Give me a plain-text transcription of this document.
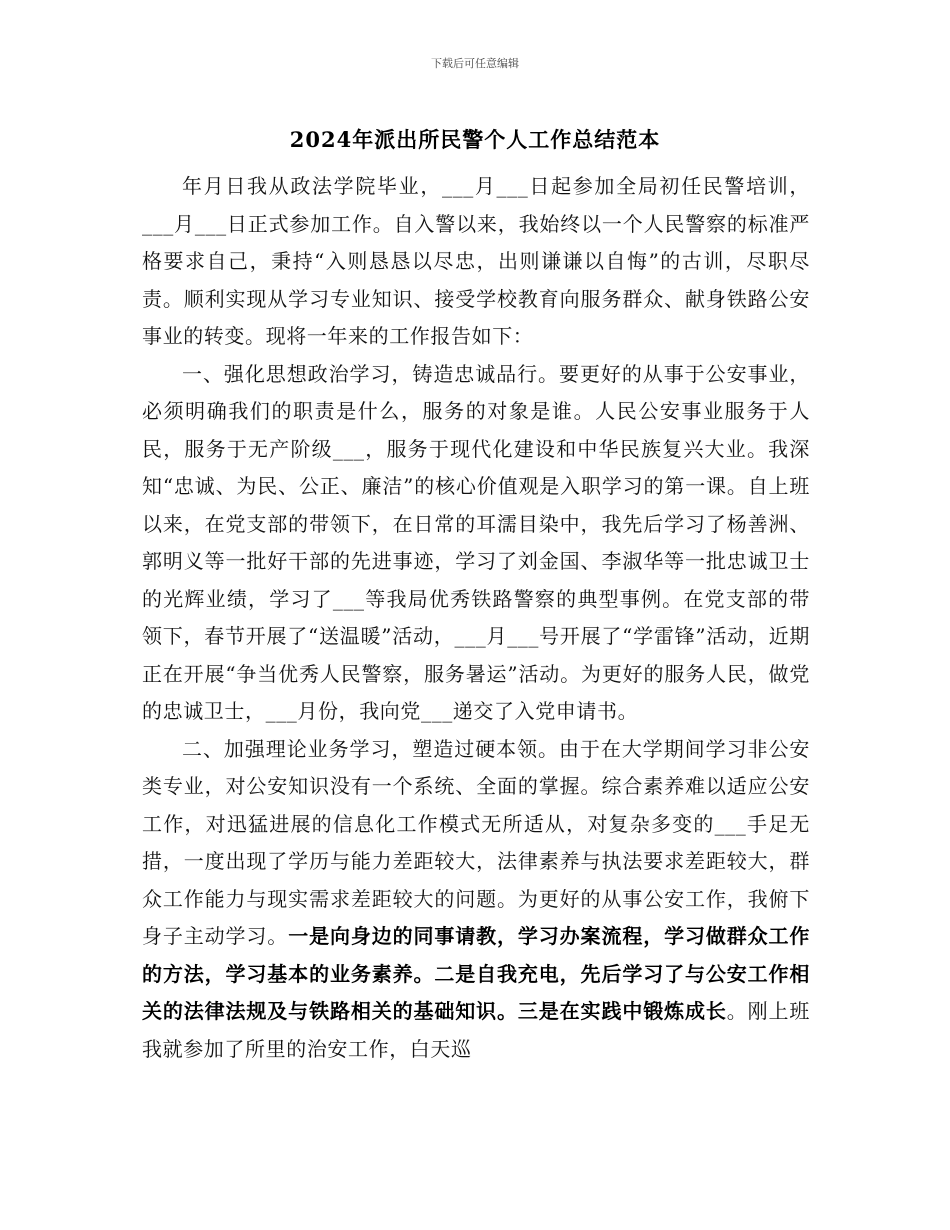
下载后可任意编辑
2024年派出所民警个人工作总结范本

年月日我从政法学院毕业，___月___日起参加全局初任民警培训，___月___日正式参加工作。自入警以来，我始终以一个人民警察的标准严格要求自己，秉持“入则恳恳以尽忠，出则谦谦以自悔”的古训，尽职尽责。顺利实现从学习专业知识、接受学校教育向服务群众、献身铁路公安事业的转变。现将一年来的工作报告如下：

一、强化思想政治学习，铸造忠诚品行。要更好的从事于公安事业，必须明确我们的职责是什么，服务的对象是谁。人民公安事业服务于人民，服务于无产阶级___，服务于现代化建设和中华民族复兴大业。我深知“忠诚、为民、公正、廉洁”的核心价值观是入职学习的第一课。自上班以来，在党支部的带领下，在日常的耳濡目染中，我先后学习了杨善洲、郭明义等一批好干部的先进事迹，学习了刘金国、李淑华等一批忠诚卫士的光辉业绩，学习了___等我局优秀铁路警察的典型事例。在党支部的带领下，春节开展了“送温暖”活动，___月___号开展了“学雷锋”活动，近期正在开展“争当优秀人民警察，服务暑运”活动。为更好的服务人民，做党的忠诚卫士，___月份，我向党___递交了入党申请书。

二、加强理论业务学习，塑造过硬本领。由于在大学期间学习非公安类专业，对公安知识没有一个系统、全面的掌握。综合素养难以适应公安工作，对迅猛进展的信息化工作模式无所适从，对复杂多变的___手足无措，一度出现了学历与能力差距较大，法律素养与执法要求差距较大，群众工作能力与现实需求差距较大的问题。为更好的从事公安工作，我俯下身子主动学习。一是向身边的同事请教，学习办案流程，学习做群众工作的方法，学习基本的业务素养。二是自我充电，先后学习了与公安工作相关的法律法规及与铁路相关的基础知识。三是在实践中锻炼成长。刚上班我就参加了所里的治安工作，白天巡
